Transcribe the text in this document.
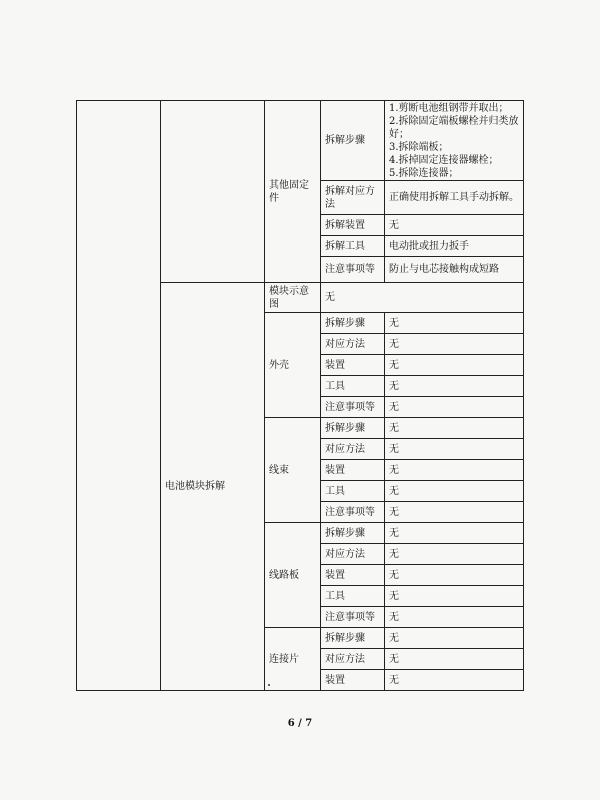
		其他固定件	拆解步骤	1.剪断电池组钢带并取出；
2.拆除固定端板螺栓并归类放好；
3.拆除端板；
4.拆掉固定连接器螺栓；
5.拆除连接器；
			拆解对应方法	正确使用拆解工具手动拆解。
			拆解装置	无
			拆解工具	电动批或扭力扳手
			注意事项等	防止与电芯接触构成短路
	电池模块拆解	模块示意图	无	
		外壳	拆解步骤	无
			对应方法	无
			装置	无
			工具	无
			注意事项等	无
		线束	拆解步骤	无
			对应方法	无
			装置	无
			工具	无
			注意事项等	无
		线路板	拆解步骤	无
			对应方法	无
			装置	无
			工具	无
			注意事项等	无
		连接片	拆解步骤	无
			对应方法	无
			装置	无
6 / 7
